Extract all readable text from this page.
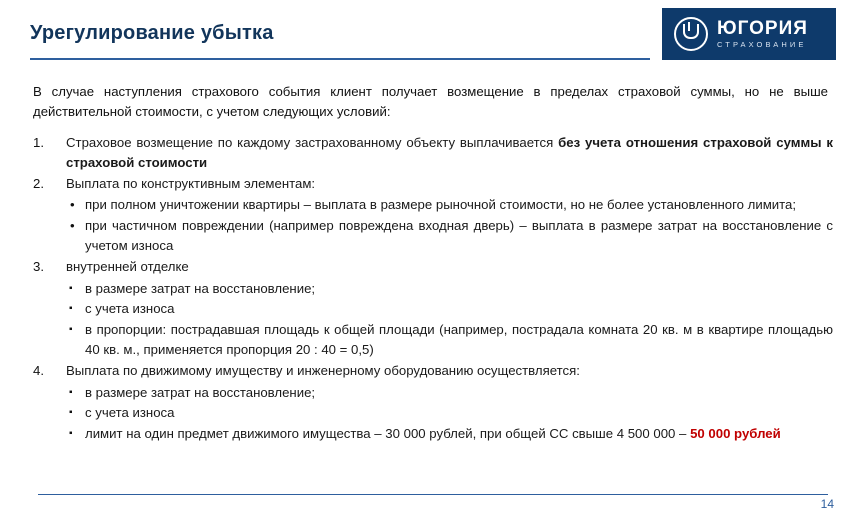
Урегулирование убытка	ЮГОРИЯ
СТРАХОВАНИЕ
В случае наступления страхового события клиент получает возмещение в пределах страховой суммы, но не выше действительной стоимости, с учетом следующих условий:
1.	Страховое возмещение по каждому застрахованному объекту выплачивается без учета отношения страховой суммы к страховой стоимости
2.	Выплата по конструктивным элементам:
• при полном уничтожении квартиры – выплата в размере рыночной стоимости, но не более установленного лимита;
• при частичном повреждении (например повреждена входная дверь) – выплата в размере затрат на восстановление с учетом износа
3.	внутренней отделке
▪ в размере затрат на восстановление;
▪ с учета износа
▪ в пропорции: пострадавшая площадь к общей площади (например, пострадала комната 20 кв. м в квартире площадью 40 кв. м., применяется пропорция 20 : 40 = 0,5)
4.	Выплата по движимому имуществу и инженерному оборудованию осуществляется:
▪ в размере затрат на восстановление;
▪ с учета износа
▪ лимит на один предмет движимого имущества – 30 000 рублей, при общей СС свыше 4 500 000 – 50 000 рублей
14
